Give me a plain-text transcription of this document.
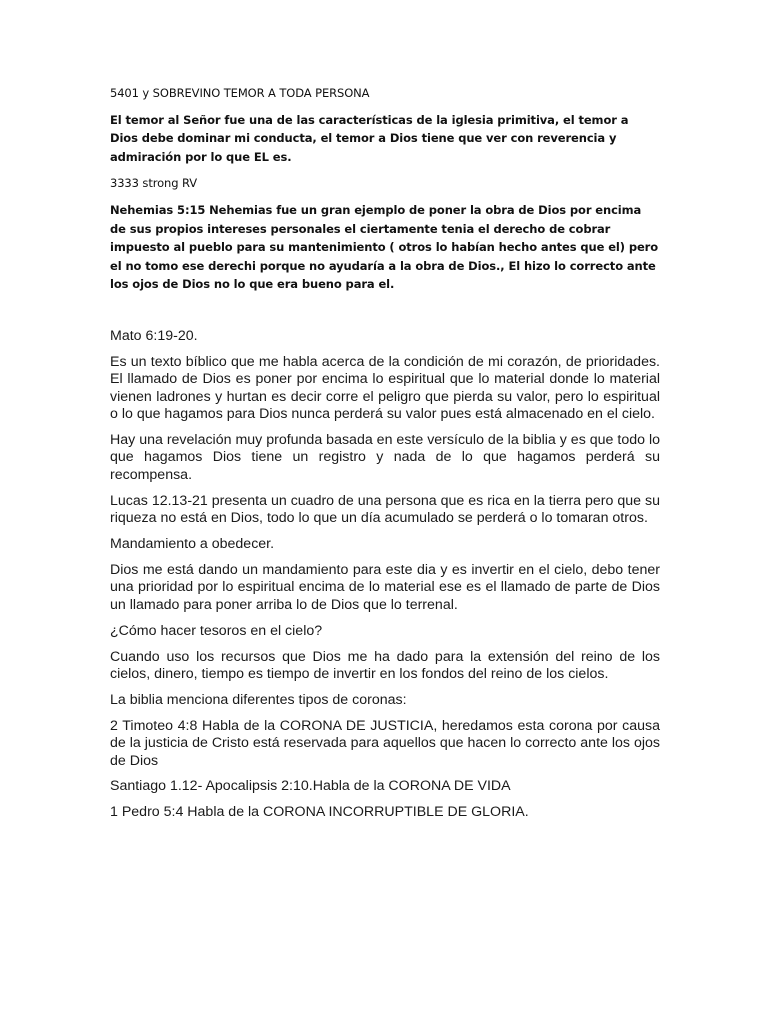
5401 y SOBREVINO TEMOR A TODA PERSONA

El temor al Señor fue una de las características de la iglesia primitiva, el temor a Dios debe dominar mi conducta, el temor a Dios tiene que ver con reverencia y admiración por lo que EL es.

3333 strong RV

Nehemias 5:15 Nehemias fue un gran ejemplo de poner la obra de Dios por encima de sus propios intereses personales el ciertamente tenia el derecho de cobrar impuesto al pueblo para su mantenimiento ( otros lo habían hecho antes que el) pero el no tomo ese derechi porque no ayudaría a la obra de Dios., El hizo lo correcto ante los ojos de Dios no lo que era bueno para el.

Mato 6:19-20.

Es un texto bíblico que me habla acerca de la condición de mi corazón, de prioridades. El llamado de Dios es poner por encima lo espiritual que lo material donde lo material vienen ladrones y hurtan es decir corre el peligro que pierda su valor, pero lo espiritual o lo que hagamos para Dios nunca perderá su valor pues está almacenado en el cielo.

Hay una revelación muy profunda basada en este versículo de la biblia y es que todo lo que hagamos Dios tiene un registro y nada de lo que hagamos perderá su recompensa.

Lucas 12.13-21 presenta un cuadro de una persona que es rica en la tierra pero que su riqueza no está en Dios, todo lo que un día acumulado se perderá o lo tomaran otros.

Mandamiento a obedecer.

Dios me está dando un mandamiento para este dia y es invertir en el cielo, debo tener una prioridad por lo espiritual encima de lo material ese es el llamado de parte de Dios un llamado para poner arriba lo de Dios que lo terrenal.

¿Cómo hacer tesoros en el cielo?

Cuando uso los recursos que Dios me ha dado para la extensión del reino de los cielos, dinero, tiempo es tiempo de invertir en los fondos del reino de los cielos.

La biblia menciona diferentes tipos de coronas:

2 Timoteo 4:8 Habla de la CORONA DE JUSTICIA, heredamos esta corona por causa de la justicia de Cristo está reservada para aquellos que hacen lo correcto ante los ojos de Dios

Santiago 1.12- Apocalipsis 2:10.Habla de la CORONA DE VIDA

1 Pedro 5:4 Habla de la CORONA INCORRUPTIBLE DE GLORIA.
